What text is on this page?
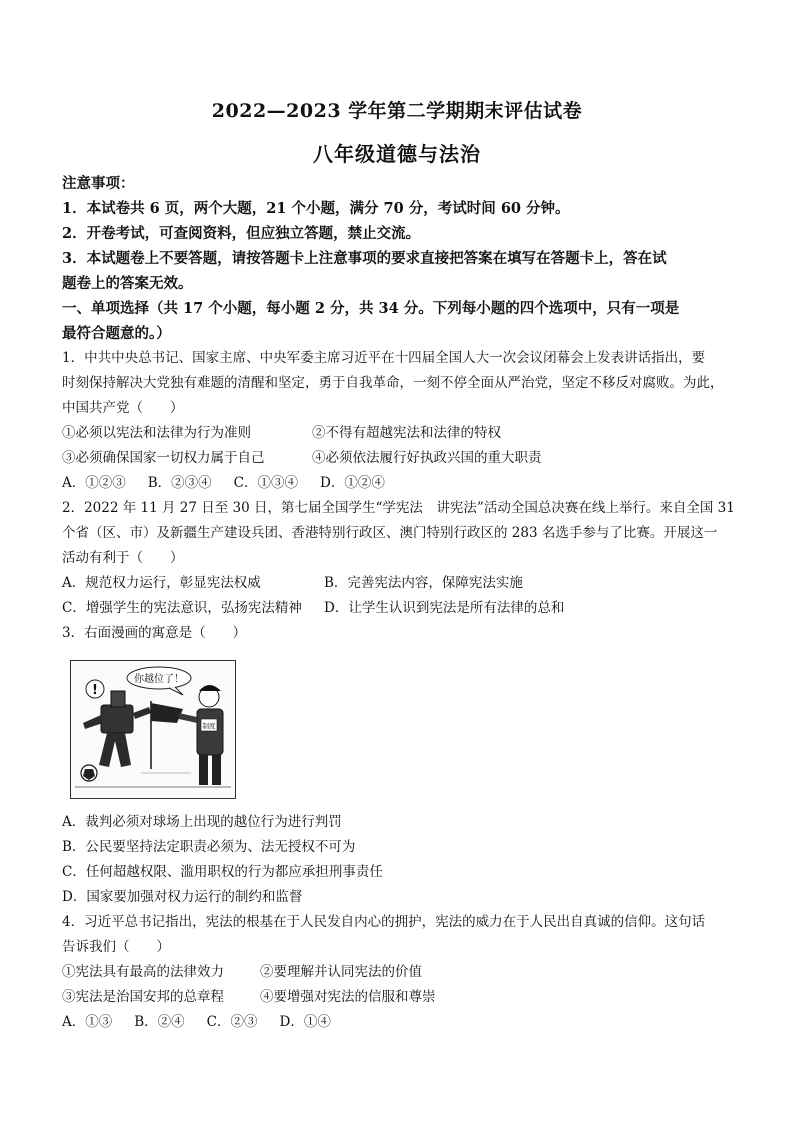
2022—2023 学年第二学期期末评估试卷
八年级道德与法治
注意事项：
1．本试卷共 6 页，两个大题，21 个小题，满分 70 分，考试时间 60 分钟。
2．开卷考试，可查阅资料，但应独立答题，禁止交流。
3．本试题卷上不要答题，请按答题卡上注意事项的要求直接把答案在填写在答题卡上，答在试
题卷上的答案无效。
一、单项选择（共 17 个小题，每小题 2 分，共 34 分。下列每小题的四个选项中，只有一项是
最符合题意的。）
1．中共中央总书记、国家主席、中央军委主席习近平在十四届全国人大一次会议闭幕会上发表讲话指出，要
时刻保持解决大党独有难题的清醒和坚定，勇于自我革命，一刻不停全面从严治党，坚定不移反对腐败。为此，
中国共产党（　　）
①必须以宪法和法律为行为准则	②不得有超越宪法和法律的特权
③必须确保国家一切权力属于自己	④必须依法履行好执政兴国的重大职责
A．①②③ B．②③④ C．①③④ D．①②④
2．2022 年 11 月 27 日至 30 日，第七届全国学生“学宪法　讲宪法”活动全国总决赛在线上举行。来自全国 31
个省（区、市）及新疆生产建设兵团、香港特别行政区、澳门特别行政区的 283 名选手参与了比赛。开展这一
活动有利于（　　）
A．规范权力运行，彰显宪法权威	B．完善宪法内容，保障宪法实施
C．增强学生的宪法意识，弘扬宪法精神	D．让学生认识到宪法是所有法律的总和
3．右面漫画的寓意是（　　）
你越位了！
!
制度
A．裁判必须对球场上出现的越位行为进行判罚
B．公民要坚持法定职责必须为、法无授权不可为
C．任何超越权限、滥用职权的行为都应承担刑事责任
D．国家要加强对权力运行的制约和监督
4．习近平总书记指出，宪法的根基在于人民发自内心的拥护，宪法的威力在于人民出自真诚的信仰。这句话
告诉我们（　　）
①宪法具有最高的法律效力	②要理解并认同宪法的价值
③宪法是治国安邦的总章程	④要增强对宪法的信服和尊崇
A．①③ B．②④ C．②③ D．①④
